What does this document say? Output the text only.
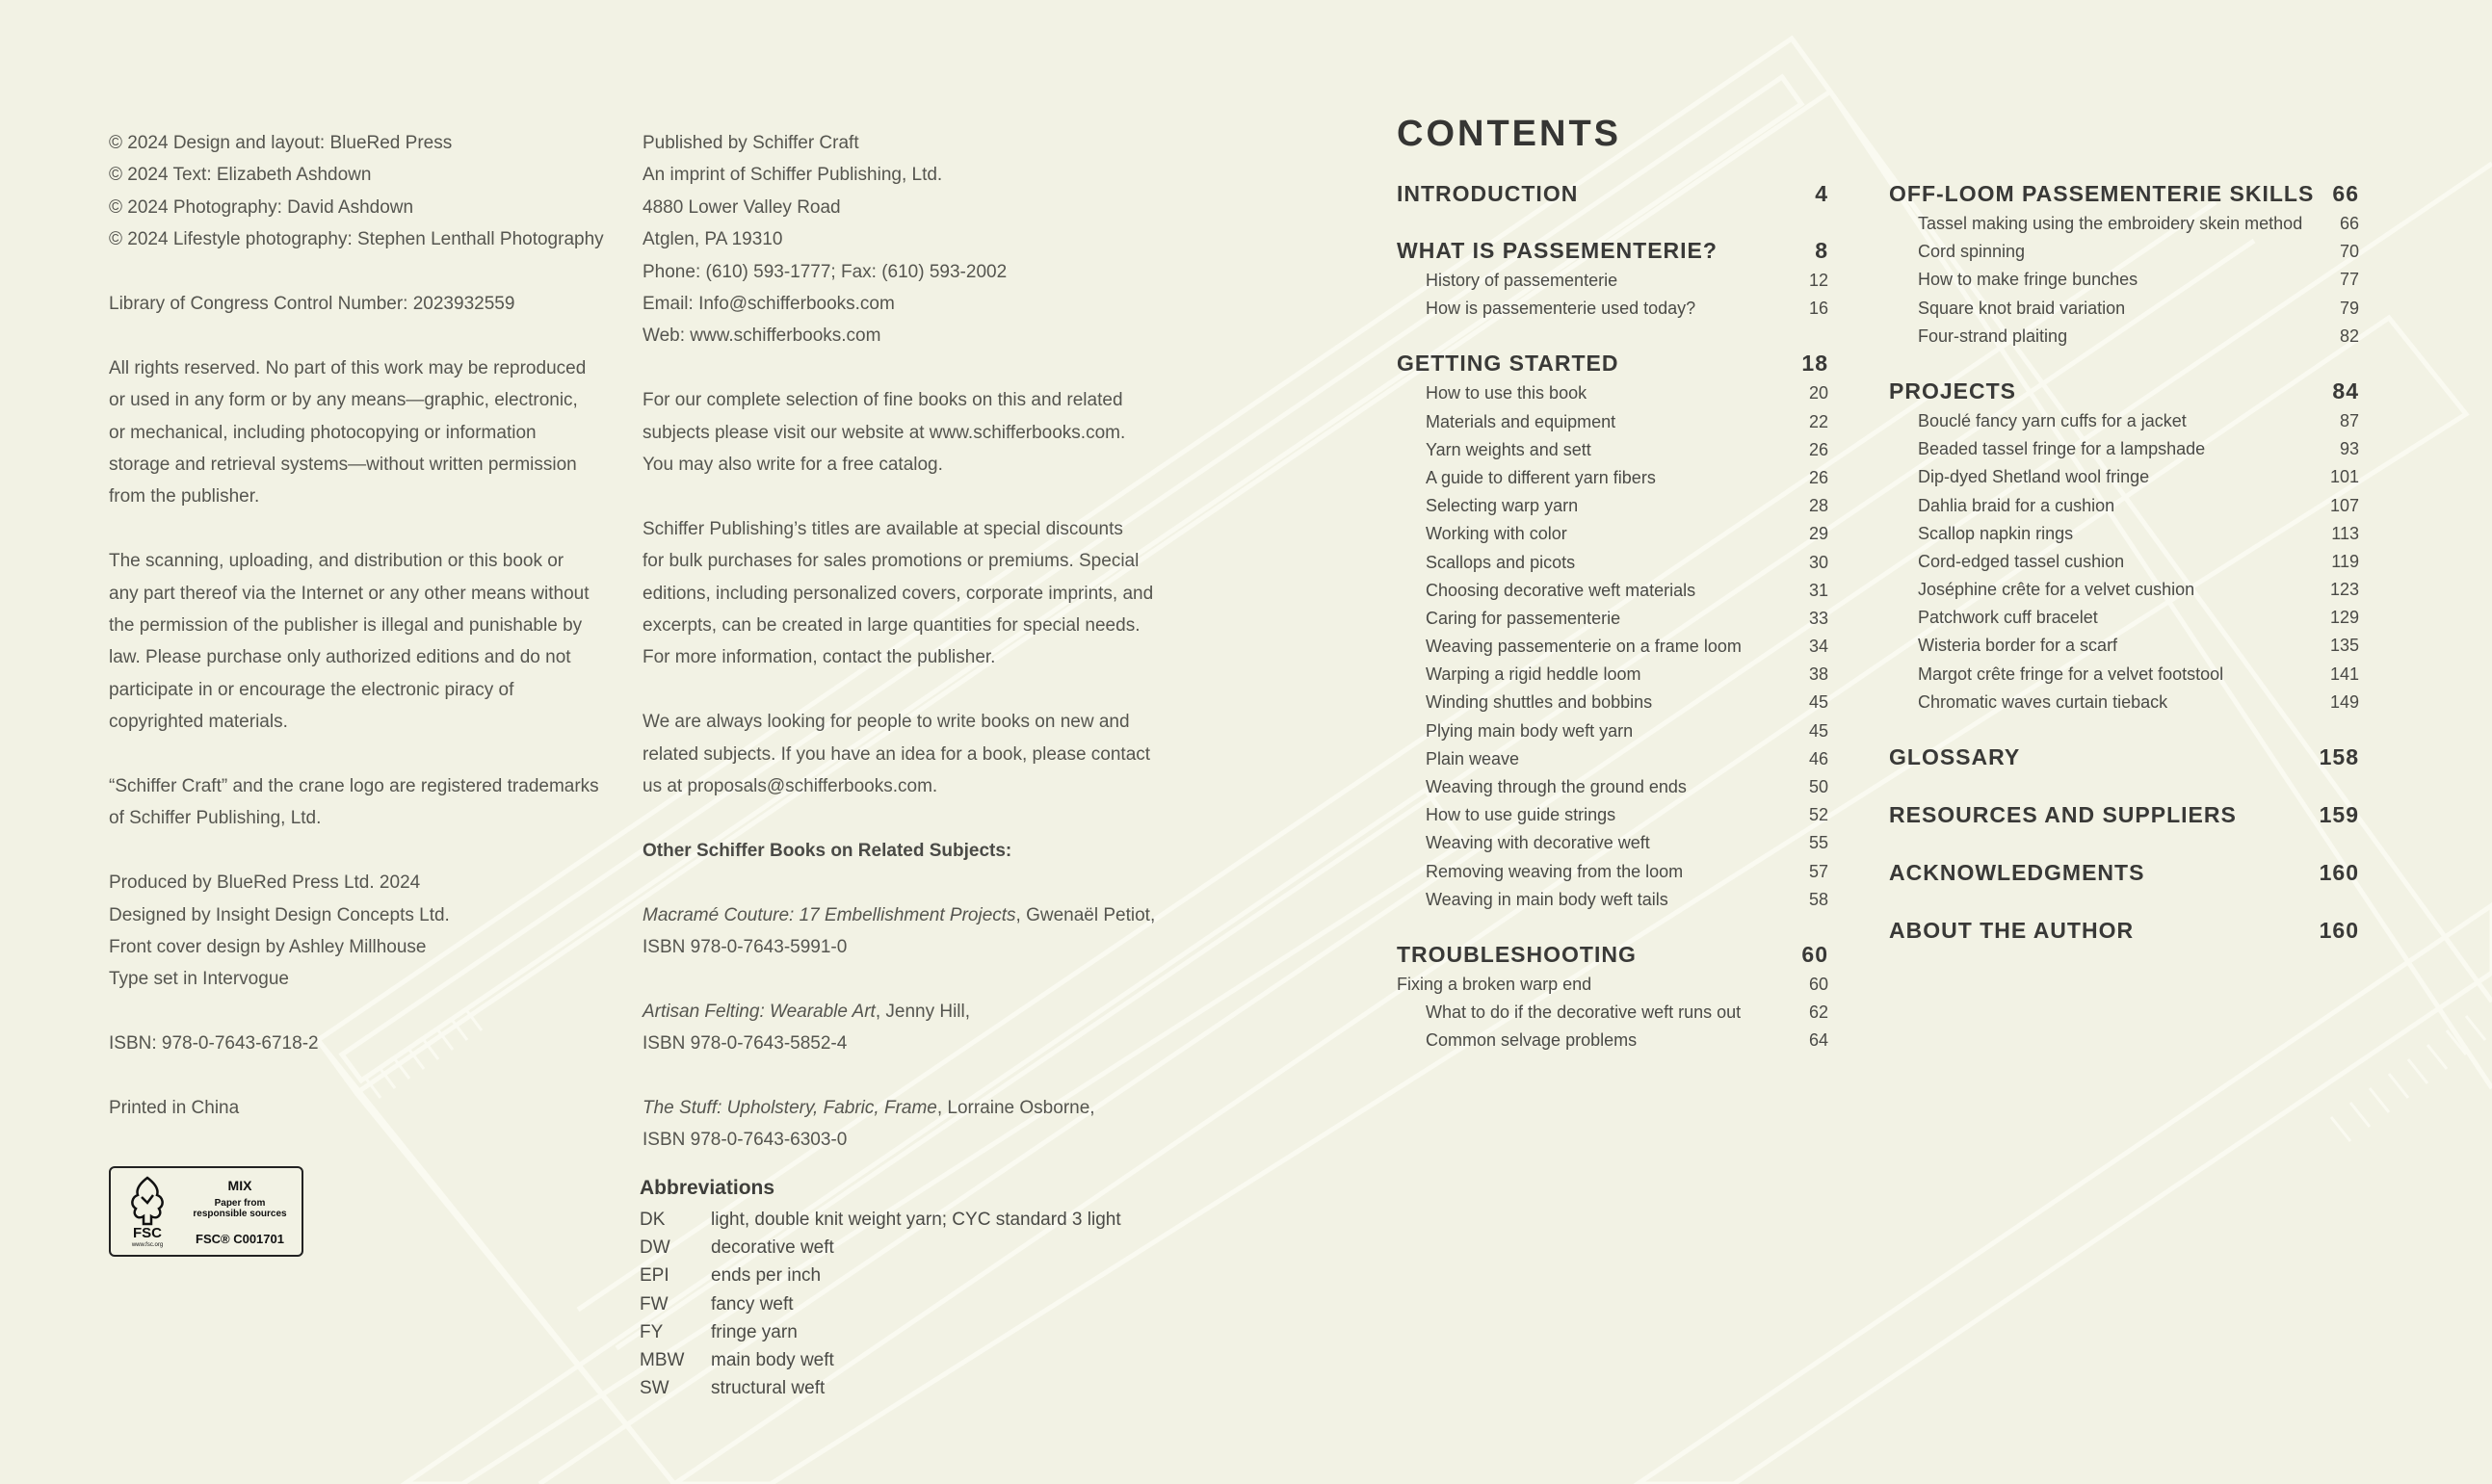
© 2024 Design and layout: BlueRed Press

© 2024 Text: Elizabeth Ashdown

© 2024 Photography: David Ashdown

© 2024 Lifestyle photography: Stephen Lenthall Photography

Library of Congress Control Number: 2023932559

All rights reserved. No part of this work may be reproduced

or used in any form or by any means—graphic, electronic,

or mechanical, including photocopying or information

storage and retrieval systems—without written permission

from the publisher.

The scanning, uploading, and distribution or this book or

any part thereof via the Internet or any other means without

the permission of the publisher is illegal and punishable by

law. Please purchase only authorized editions and do not

participate in or encourage the electronic piracy of

copyrighted materials.

“Schiffer Craft” and the crane logo are registered trademarks

of Schiffer Publishing, Ltd.

Produced by BlueRed Press Ltd. 2024

Designed by Insight Design Concepts Ltd.

Front cover design by Ashley Millhouse

Type set in Intervogue

ISBN: 978-0-7643-6718-2

Printed in China

FSC
www.fsc.org
MIX
Paper from
responsible sources
FSC® C001701

Published by Schiffer Craft

An imprint of Schiffer Publishing, Ltd.

4880 Lower Valley Road

Atglen, PA 19310

Phone: (610) 593-1777; Fax: (610) 593-2002

Email: Info@schifferbooks.com

Web: www.schifferbooks.com

For our complete selection of fine books on this and related

subjects please visit our website at www.schifferbooks.com.

You may also write for a free catalog.

Schiffer Publishing’s titles are available at special discounts

for bulk purchases for sales promotions or premiums. Special

editions, including personalized covers, corporate imprints, and

excerpts, can be created in large quantities for special needs.

For more information, contact the publisher.

We are always looking for people to write books on new and

related subjects. If you have an idea for a book, please contact

us at proposals@schifferbooks.com.

Other Schiffer Books on Related Subjects:

Macramé Couture: 17 Embellishment Projects, Gwenaël Petiot,

ISBN 978-0-7643-5991-0

Artisan Felting: Wearable Art, Jenny Hill,

ISBN 978-0-7643-5852-4

The Stuff: Upholstery, Fabric, Frame, Lorraine Osborne,

ISBN 978-0-7643-6303-0

Abbreviations
DK	light, double knit weight yarn; CYC standard 3 light
DW	decorative weft
EPI	ends per inch
FW	fancy weft
FY	fringe yarn
MBW	main body weft
SW	structural weft
CONTENTS
INTRODUCTION	4
WHAT IS PASSEMENTERIE?	8
History of passementerie	12
How is passementerie used today?	16
GETTING STARTED	18
How to use this book	20
Materials and equipment	22
Yarn weights and sett	26
A guide to different yarn fibers	26
Selecting warp yarn	28
Working with color	29
Scallops and picots	30
Choosing decorative weft materials	31
Caring for passementerie	33
Weaving passementerie on a frame loom	34
Warping a rigid heddle loom	38
Winding shuttles and bobbins	45
Plying main body weft yarn	45
Plain weave	46
Weaving through the ground ends	50
How to use guide strings	52
Weaving with decorative weft	55
Removing weaving from the loom	57
Weaving in main body weft tails	58
TROUBLESHOOTING	60
Fixing a broken warp end	60
What to do if the decorative weft runs out	62
Common selvage problems	64
OFF-LOOM PASSEMENTERIE SKILLS 66
Tassel making using the embroidery skein method 66
Cord spinning	70
How to make fringe bunches	77
Square knot braid variation	79
Four-strand plaiting	82
PROJECTS	84
Bouclé fancy yarn cuffs for a jacket	87
Beaded tassel fringe for a lampshade	93
Dip-dyed Shetland wool fringe	101
Dahlia braid for a cushion	107
Scallop napkin rings	113
Cord-edged tassel cushion	119
Joséphine crête for a velvet cushion	123
Patchwork cuff bracelet	129
Wisteria border for a scarf	135
Margot crête fringe for a velvet footstool	141
Chromatic waves curtain tieback	149
GLOSSARY	158
RESOURCES AND SUPPLIERS	159
ACKNOWLEDGMENTS	160
ABOUT THE AUTHOR	160
